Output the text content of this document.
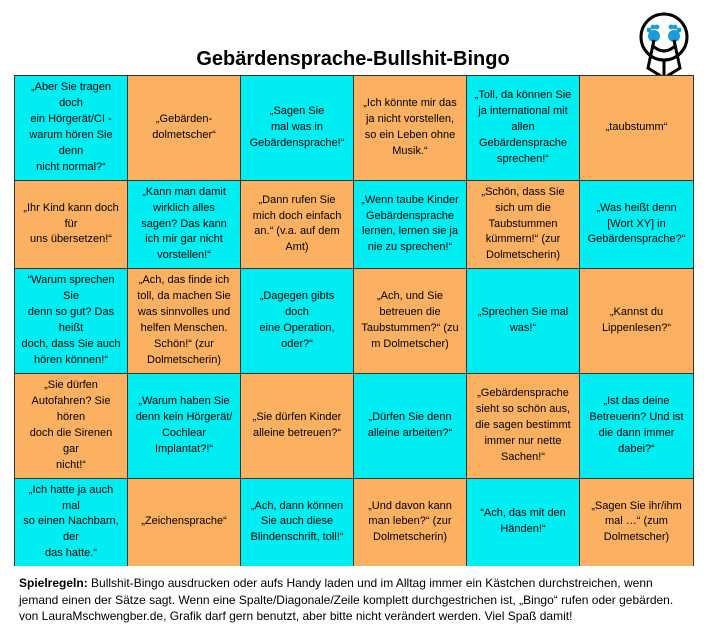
Gebärdensprache-Bullshit-Bingo
„Aber Sie tragen doch
ein Hörgerät/CI -
warum hören Sie denn
nicht normal?“
„Gebärden-
dolmetscher“
„Sagen Sie
mal was in
Gebärdensprache!“
„Ich könnte mir das
ja nicht vorstellen,
so ein Leben ohne
Musik.“
„Toll, da können Sie
ja international mit
allen
Gebärdensprache
sprechen!“
„taubstumm“
„Ihr Kind kann doch für
uns übersetzen!“
„Kann man damit
wirklich alles
sagen? Das kann
ich mir gar nicht
vorstellen!“
„Dann rufen Sie
mich doch einfach
an.“ (v.a. auf dem
Amt)
„Wenn taube Kinder
Gebärdensprache
lernen, lernen sie ja
nie zu sprechen!“
„Schön, dass Sie
sich um die
Taubstummen
kümmern!“ (zur
Dolmetscherin)
„Was heißt denn
[Wort XY] in
Gebärdensprache?“
“Warum sprechen Sie
denn so gut? Das heißt
doch, dass Sie auch
hören können!“
„Ach, das finde ich
toll, da machen Sie
was sinnvolles und
helfen Menschen.
Schön!“ (zur
Dolmetscherin)
„Dagegen gibts doch
eine Operation,
oder?“
„Ach, und Sie
betreuen die
Taubstummen?“ (zu
m Dolmetscher)
„Sprechen Sie mal
was!“
„Kannst du
Lippenlesen?“
„Sie dürfen
Autofahren? Sie hören
doch die Sirenen gar
nicht!“
„Warum haben Sie
denn kein Hörgerät/
Cochlear
Implantat?!“
„Sie dürfen Kinder
alleine betreuen?“
„Dürfen Sie denn
alleine arbeiten?“
„Gebärdensprache
sieht so schön aus,
die sagen bestimmt
immer nur nette
Sachen!“
„Ist das deine
Betreuerin? Und ist
die dann immer
dabei?“
„Ich hatte ja auch mal
so einen Nachbarn, der
das hatte.“
„Zeichensprache“
„Ach, dann können
Sie auch diese
Blindenschrift, toll!“
„Und davon kann
man leben?“ (zur
Dolmetscherin)
“Ach, das mit den
Händen!“
„Sagen Sie ihr/ihm
mal …“ (zum
Dolmetscher)
Spielregeln: Bullshit-Bingo ausdrucken oder aufs Handy laden und im Alltag immer ein Kästchen durchstreichen, wenn jemand einen der Sätze sagt. Wenn eine Spalte/Diagonale/Zeile komplett durchgestrichen ist, „Bingo“ rufen oder gebärden. von LauraMschwengber.de, Grafik darf gern benutzt, aber bitte nicht verändert werden. Viel Spaß damit!
